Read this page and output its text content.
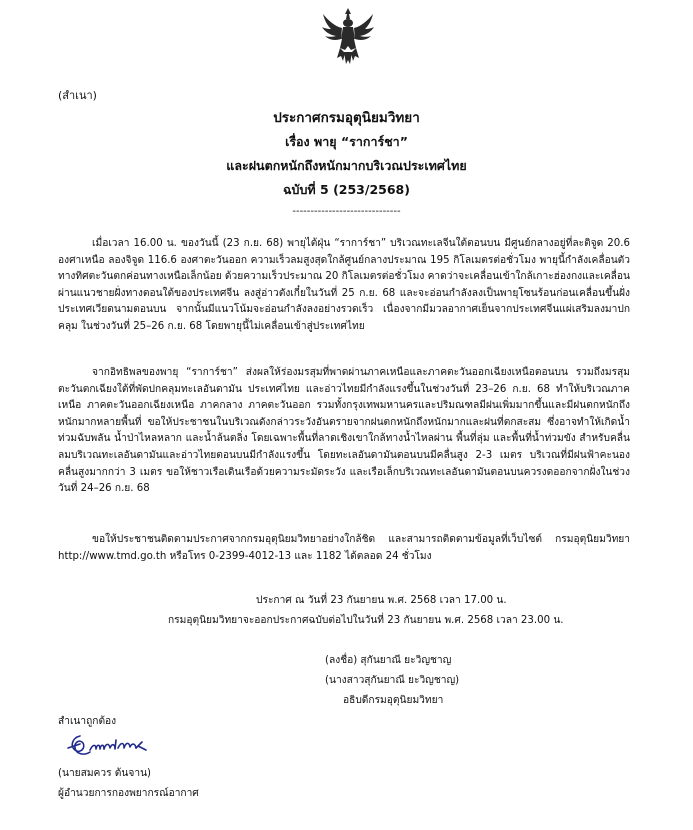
(สำเนา)
ประกาศกรมอุตุนิยมวิทยา
เรื่อง พายุ “ราการ์ชา”
และฝนตกหนักถึงหนักมากบริเวณประเทศไทย
ฉบับที่ 5 (253/2568)
------------------------------
เมื่อเวลา 16.00 น. ของวันนี้ (23 ก.ย. 68) พายุไต้ฝุ่น “ราการ์ชา” บริเวณทะเลจีนใต้ตอนบน มีศูนย์กลางอยู่ที่ละติจูด 20.6 องศาเหนือ ลองจิจูด 116.6 องศาตะวันออก ความเร็วลมสูงสุดใกล้ศูนย์กลางประมาณ 195 กิโลเมตรต่อชั่วโมง พายุนี้กำลังเคลื่อนตัวทางทิศตะวันตกค่อนทางเหนือเล็กน้อย ด้วยความเร็วประมาณ 20 กิโลเมตรต่อชั่วโมง คาดว่าจะเคลื่อนเข้าใกล้เกาะฮ่องกงและเคลื่อนผ่านแนวชายฝั่งทางตอนใต้ของประเทศจีน ลงสู่อ่าวตังเกี๋ยในวันที่ 25 ก.ย. 68 และจะอ่อนกำลังลงเป็นพายุโซนร้อนก่อนเคลื่อนขึ้นฝั่งประเทศเวียดนามตอนบน จากนั้นมีแนวโน้มจะอ่อนกำลังลงอย่างรวดเร็ว เนื่องจากมีมวลอากาศเย็นจากประเทศจีนแผ่เสริมลงมาปกคลุม ในช่วงวันที่ 25–26 ก.ย. 68 โดยพายุนี้ไม่เคลื่อนเข้าสู่ประเทศไทย
จากอิทธิพลของพายุ “ราการ์ชา” ส่งผลให้ร่องมรสุมที่พาดผ่านภาคเหนือและภาคตะวันออกเฉียงเหนือตอนบน รวมถึงมรสุมตะวันตกเฉียงใต้ที่พัดปกคลุมทะเลอันดามัน ประเทศไทย และอ่าวไทยมีกำลังแรงขึ้นในช่วงวันที่ 23–26 ก.ย. 68 ทำให้บริเวณภาคเหนือ ภาคตะวันออกเฉียงเหนือ ภาคกลาง ภาคตะวันออก รวมทั้งกรุงเทพมหานครและปริมณฑลมีฝนเพิ่มมากขึ้นและมีฝนตกหนักถึงหนักมากหลายพื้นที่ ขอให้ประชาชนในบริเวณดังกล่าวระวังอันตรายจากฝนตกหนักถึงหนักมากและฝนที่ตกสะสม ซึ่งอาจทำให้เกิดน้ำท่วมฉับพลัน น้ำป่าไหลหลาก และน้ำล้นตลิ่ง โดยเฉพาะพื้นที่ลาดเชิงเขาใกล้ทางน้ำไหลผ่าน พื้นที่ลุ่ม และพื้นที่น้ำท่วมขัง สำหรับคลื่นลมบริเวณทะเลอันดามันและอ่าวไทยตอนบนมีกำลังแรงขึ้น โดยทะเลอันดามันตอนบนมีคลื่นสูง 2-3 เมตร บริเวณที่มีฝนฟ้าคะนองคลื่นสูงมากกว่า 3 เมตร ขอให้ชาวเรือเดินเรือด้วยความระมัดระวัง และเรือเล็กบริเวณทะเลอันดามันตอนบนควรงดออกจากฝั่งในช่วงวันที่ 24–26 ก.ย. 68
ขอให้ประชาชนติดตามประกาศจากกรมอุตุนิยมวิทยาอย่างใกล้ชิด และสามารถติดตามข้อมูลที่เว็บไซต์ กรมอุตุนิยมวิทยา http://www.tmd.go.th หรือโทร 0-2399-4012-13 และ 1182 ได้ตลอด 24 ชั่วโมง
ประกาศ ณ วันที่ 23 กันยายน พ.ศ. 2568 เวลา 17.00 น.
กรมอุตุนิยมวิทยาจะออกประกาศฉบับต่อไปในวันที่ 23 กันยายน พ.ศ. 2568 เวลา 23.00 น.
(ลงชื่อ) สุกันยาณี ยะวิญชาญ
(นางสาวสุกันยาณี ยะวิญชาญ)
อธิบดีกรมอุตุนิยมวิทยา
สำเนาถูกต้อง
(นายสมควร ต้นจาน)
ผู้อำนวยการกองพยากรณ์อากาศ
